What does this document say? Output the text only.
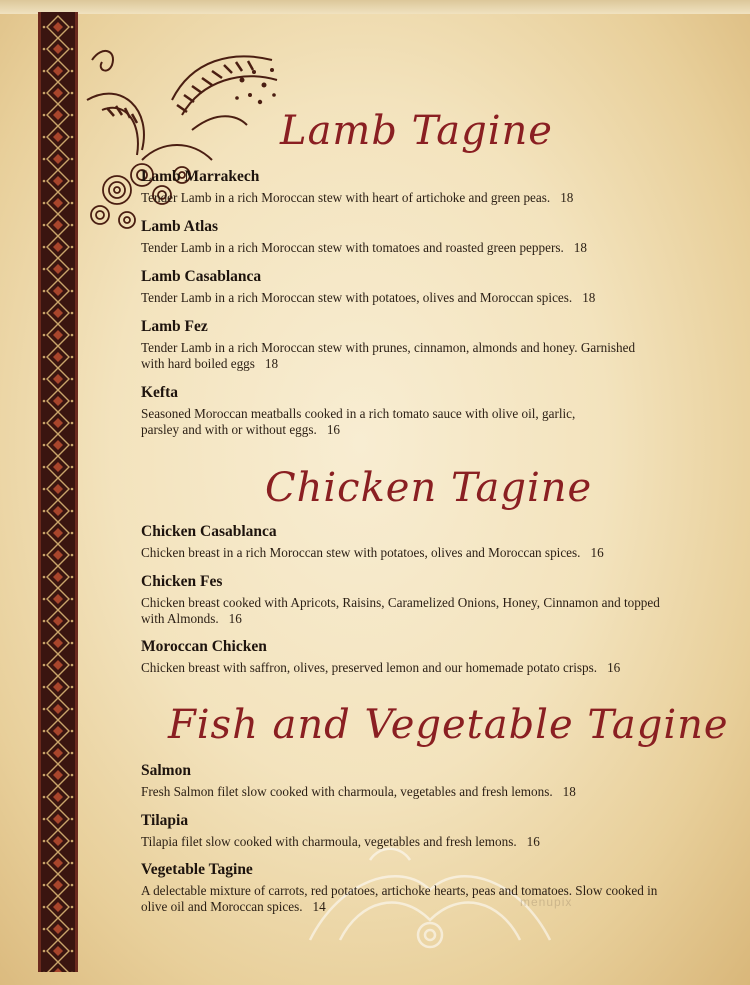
menupix
Lamb Tagine
Chicken Tagine
Fish and Vegetable Tagine
Lamb Marrakech
Tender Lamb in a rich Moroccan stew with heart of artichoke and green peas. 18
Lamb Atlas
Tender Lamb in a rich Moroccan stew with tomatoes and roasted green peppers. 18
Lamb Casablanca
Tender Lamb in a rich Moroccan stew with potatoes, olives and Moroccan spices. 18
Lamb Fez
Tender Lamb in a rich Moroccan stew with prunes, cinnamon, almonds and honey. Garnished with hard boiled eggs 18
Kefta
Seasoned Moroccan meatballs cooked in a rich tomato sauce with olive oil, garlic, parsley and with or without eggs. 16
Chicken Casablanca
Chicken breast in a rich Moroccan stew with potatoes, olives and Moroccan spices. 16
Chicken Fes
Chicken breast cooked with Apricots, Raisins, Caramelized Onions, Honey, Cinnamon and topped with Almonds. 16
Moroccan Chicken
Chicken breast with saffron, olives, preserved lemon and our homemade potato crisps. 16
Salmon
Fresh Salmon filet slow cooked with charmoula, vegetables and fresh lemons. 18
Tilapia
Tilapia filet slow cooked with charmoula, vegetables and fresh lemons. 16
Vegetable Tagine
A delectable mixture of carrots, red potatoes, artichoke hearts, peas and tomatoes. Slow cooked in olive oil and Moroccan spices. 14
